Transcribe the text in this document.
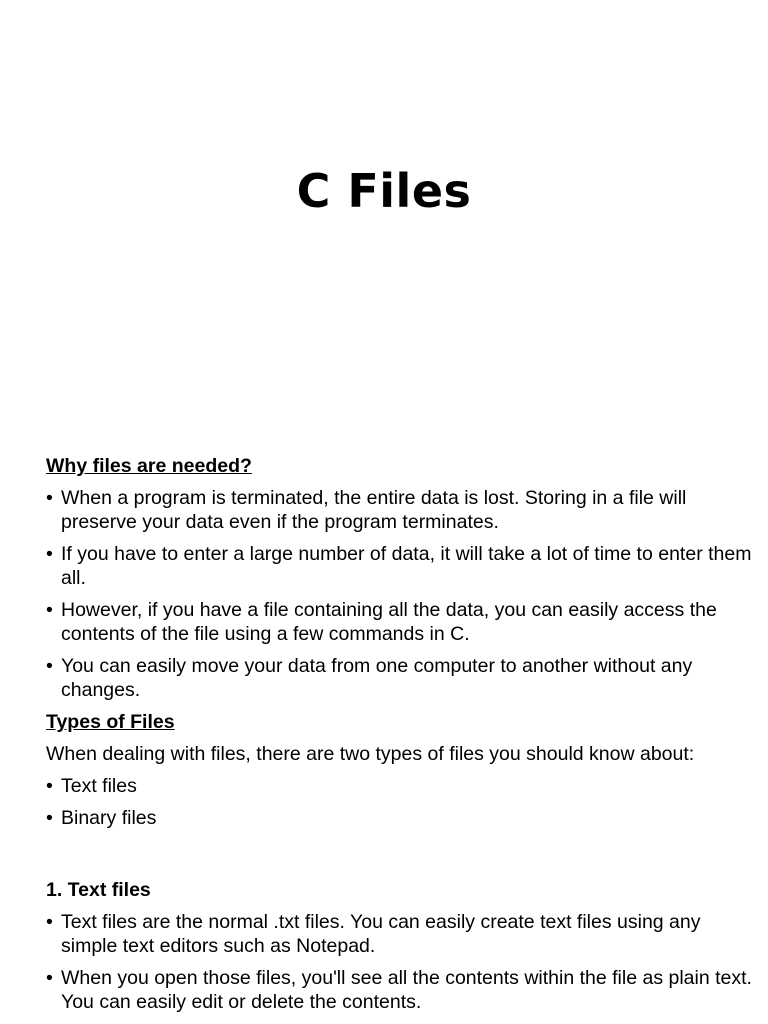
C Files
Why files are needed?
• When a program is terminated, the entire data is lost. Storing in a file will preserve your data even if the program terminates.
• If you have to enter a large number of data, it will take a lot of time to enter them all.
• However, if you have a file containing all the data, you can easily access the contents of the file using a few commands in C.
• You can easily move your data from one computer to another without any changes.
Types of Files
When dealing with files, there are two types of files you should know about:
• Text files
• Binary files
1. Text files
• Text files are the normal .txt files. You can easily create text files using any simple text editors such as Notepad.
• When you open those files, you'll see all the contents within the file as plain text. You can easily edit or delete the contents.
